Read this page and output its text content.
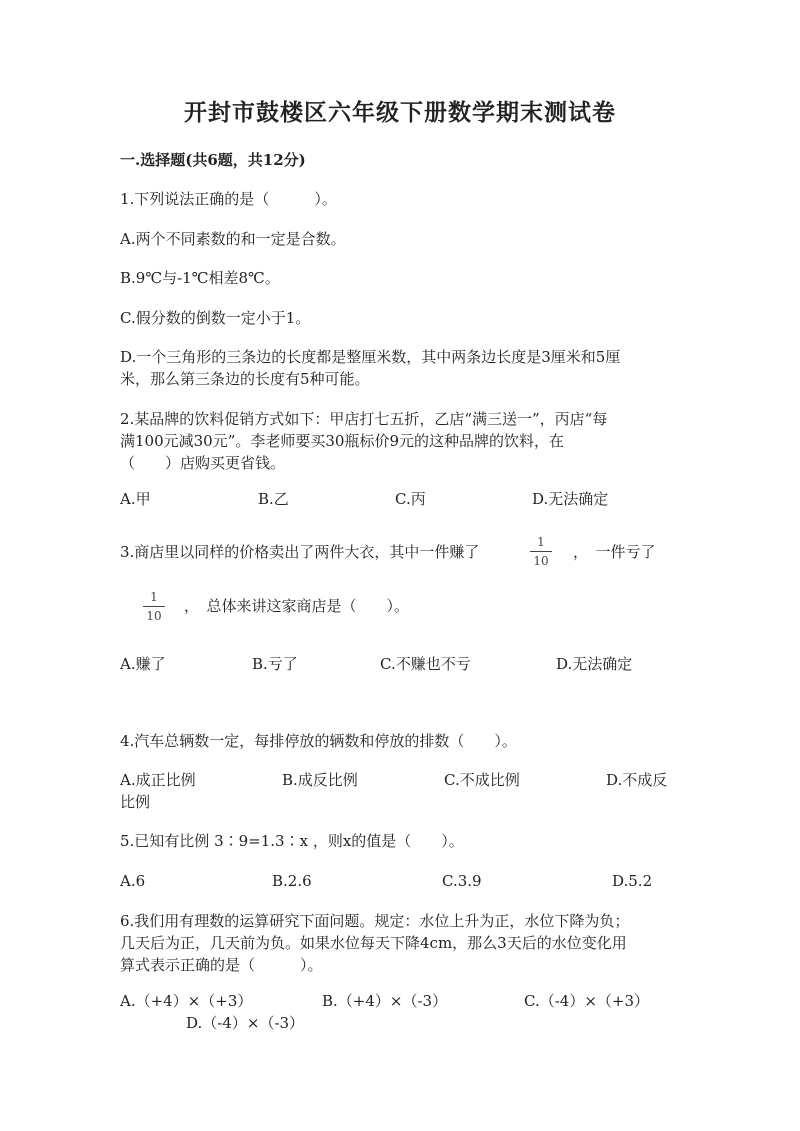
开封市鼓楼区六年级下册数学期末测试卷
一.选择题(共6题，共12分)
1.下列说法正确的是（　　　）。
A.两个不同素数的和一定是合数。
B.9℃与-1℃相差8℃。
C.假分数的倒数一定小于1。
D.一个三角形的三条边的长度都是整厘米数，其中两条边长度是3厘米和5厘
米，那么第三条边的长度有5种可能。
2.某品牌的饮料促销方式如下：甲店打七五折，乙店“满三送一”，丙店“每
满100元减30元”。李老师要买30瓶标价9元的这种品牌的饮料，在
（　　）店购买更省钱。
A.甲	B.乙	C.丙	D.无法确定
3.商店里以同样的价格卖出了两件大衣，其中一件赚了
1
10 ，　一件亏了
1
10
，　总体来讲这家商店是（　　）。
A.赚了	B.亏了	C.不赚也不亏	D.无法确定
4.汽车总辆数一定，每排停放的辆数和停放的排数（　　）。
A.成正比例	B.成反比例	C.不成比例	D.不成反
比例
5.已知有比例 3∶9=1.3∶x ，则x的值是（　　）。
A.6	B.2.6	C.3.9	D.5.2
6.我们用有理数的运算研究下面问题。规定：水位上升为正，水位下降为负；
几天后为正，几天前为负。如果水位每天下降4cm，那么3天后的水位变化用
算式表示正确的是（　　　）。
A.（+4）×（+3）	B.（+4）×（-3）	C.（-4）×（+3）
D.（-4）×（-3）
